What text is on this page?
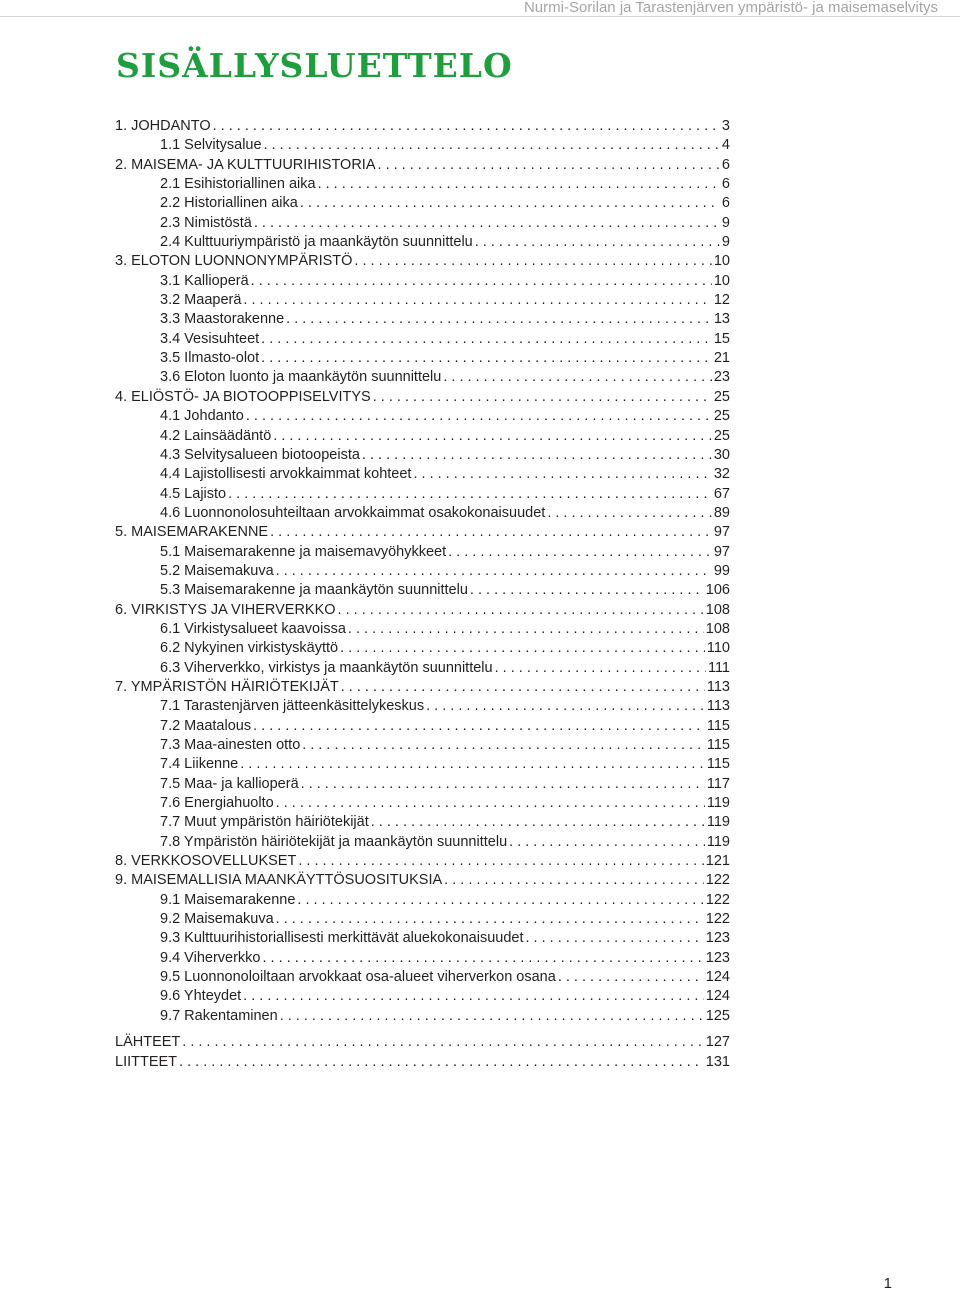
Nurmi-Sorilan ja Tarastenjärven ympäristö- ja maisemaselvitys
SISÄLLYSLUETTELO
1. JOHDANTO . . .	3
1.1 Selvitysalue . . .	4
2. MAISEMA- JA KULTTUURIHISTORIA . . .	6
2.1 Esihistoriallinen aika . . .	6
2.2 Historiallinen aika . . .	6
2.3 Nimistöstä . . .	9
2.4 Kulttuuriympäristö ja maankäytön suunnittelu . . .	9
3. ELOTON LUONNONYMPÄRISTÖ . . .	10
3.1 Kallioperä . . .	10
3.2 Maaperä . . .	12
3.3 Maastorakenne . . .	13
3.4 Vesisuhteet . . .	15
3.5 Ilmasto-olot . . .	21
3.6 Eloton luonto ja maankäytön suunnittelu . . .	23
4. ELIÖSTÖ- JA BIOTOOPPISELVITYS . . .	25
4.1 Johdanto . . .	25
4.2 Lainsäädäntö . . .	25
4.3 Selvitysalueen biotoopeista . . .	30
4.4 Lajistollisesti arvokkaimmat kohteet . . .	32
4.5 Lajisto . . .	67
4.6 Luonnonolosuhteiltaan arvokkaimmat osakokonaisuudet . . .	89
5. MAISEMARAKENNE . . .	97
5.1 Maisemarakenne ja maisemavyöhykkeet . . .	97
5.2 Maisemakuva . . .	99
5.3 Maisemarakenne ja maankäytön suunnittelu . . .	106
6. VIRKISTYS JA VIHERVERKKO . . .	108
6.1 Virkistysalueet kaavoissa . . .	108
6.2 Nykyinen virkistyskäyttö . . .	110
6.3 Viherverkko, virkistys ja maankäytön suunnittelu . . .	111
7. YMPÄRISTÖN HÄIRIÖTEKIJÄT . . .	113
7.1 Tarastenjärven jätteenkäsittelykeskus . . .	113
7.2 Maatalous . . .	115
7.3 Maa-ainesten otto . . .	115
7.4 Liikenne . . .	115
7.5 Maa- ja kallioperä . . .	117
7.6 Energiahuolto . . .	119
7.7 Muut ympäristön häiriötekijät . . .	119
7.8 Ympäristön häiriötekijät ja maankäytön suunnittelu . . .	119
8. VERKKOSOVELLUKSET . . .	121
9. MAISEMALLISIA MAANKÄYTTÖSUOSITUKSIA . . .	122
9.1 Maisemarakenne . . .	122
9.2 Maisemakuva . . .	122
9.3 Kulttuurihistoriallisesti merkittävät aluekokonaisuudet . . .	123
9.4 Viherverkko . . .	123
9.5 Luonnonoloiltaan arvokkaat osa-alueet viherverkon osana . . .	124
9.6 Yhteydet . . .	124
9.7 Rakentaminen . . .	125
LÄHTEET . . .	127
LIITTEET . . .	131
1
